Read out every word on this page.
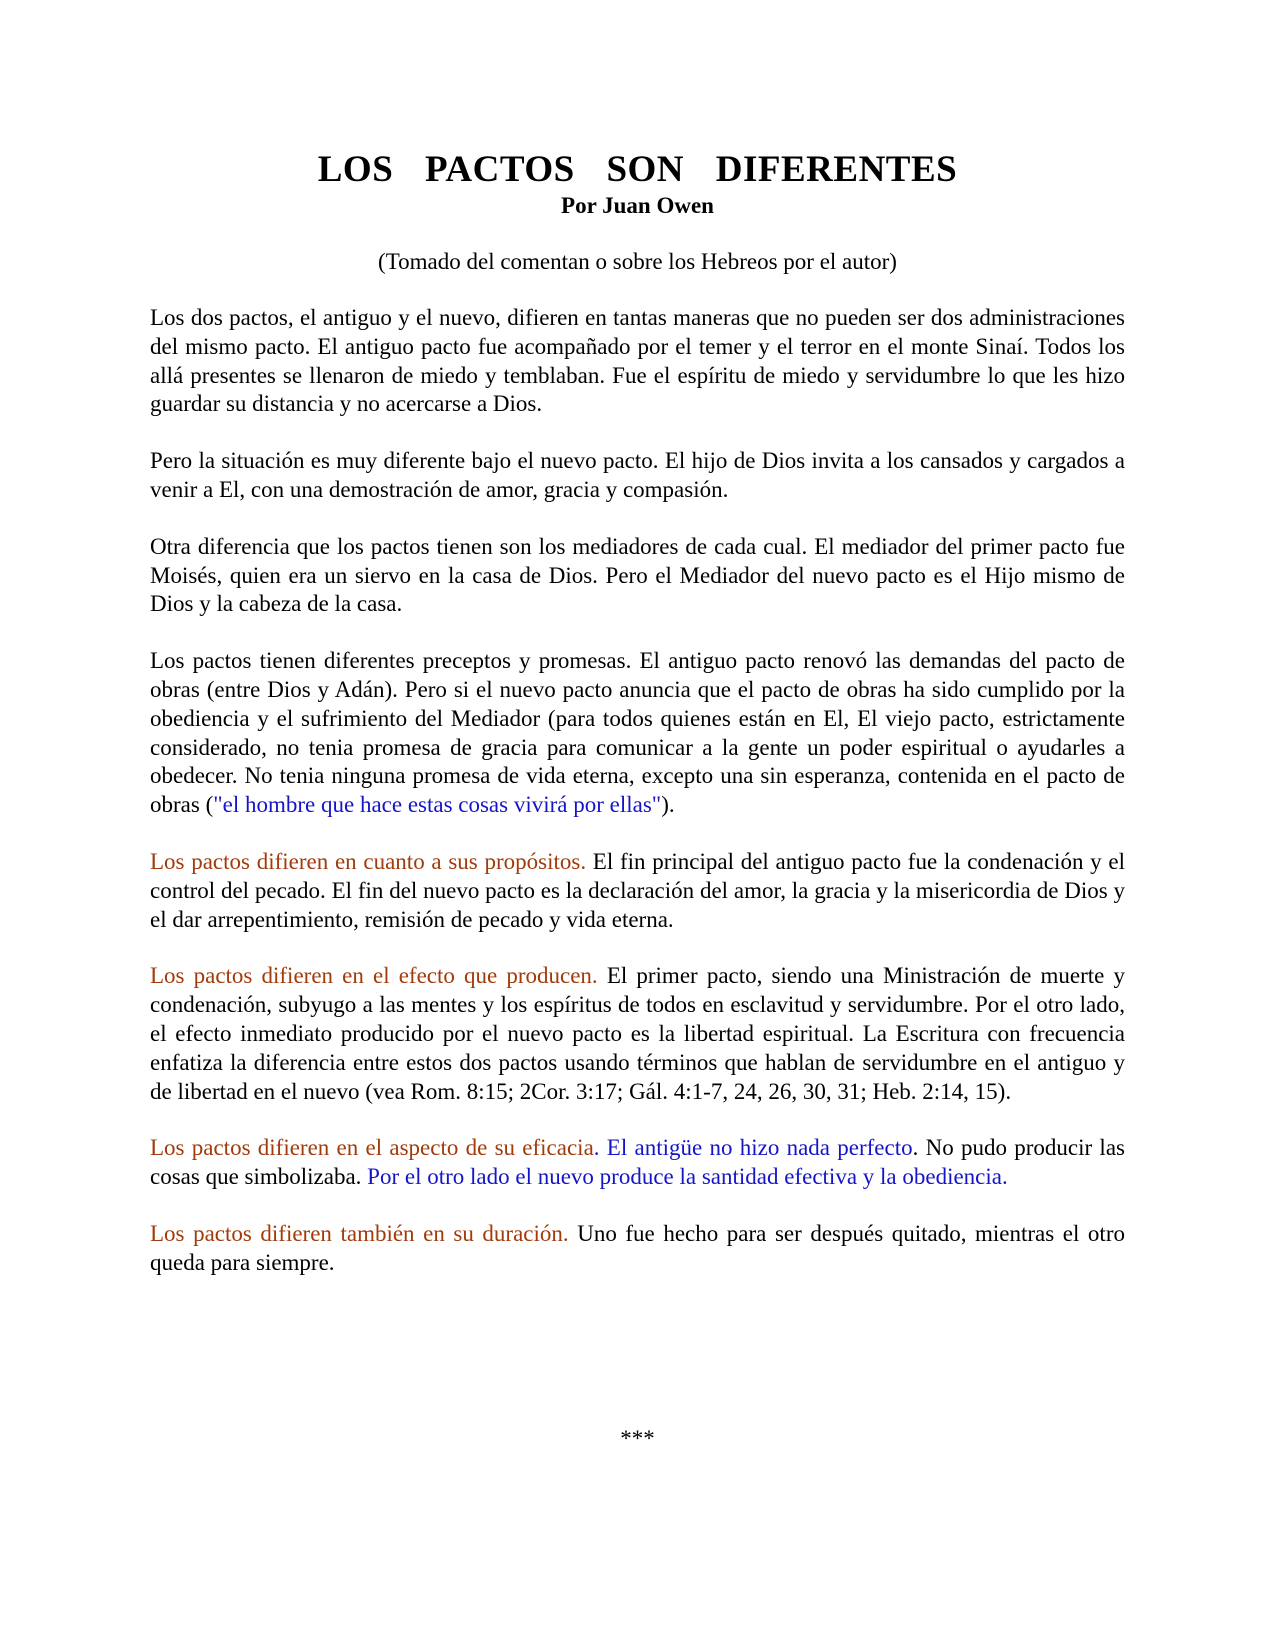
LOS PACTOS SON DIFERENTES
Por Juan Owen
(Tomado del comentan o sobre los Hebreos por el autor)

Los dos pactos, el antiguo y el nuevo, difieren en tantas maneras que no pueden ser dos administraciones del mismo pacto. El antiguo pacto fue acompañado por el temer y el terror en el monte Sinaí. Todos los allá presentes se llenaron de miedo y temblaban. Fue el espíritu de miedo y servidumbre lo que les hizo guardar su distancia y no acercarse a Dios.

Pero la situación es muy diferente bajo el nuevo pacto. El hijo de Dios invita a los cansados y cargados a venir a El, con una demostración de amor, gracia y compasión.

Otra diferencia que los pactos tienen son los mediadores de cada cual. El mediador del primer pacto fue Moisés, quien era un siervo en la casa de Dios. Pero el Mediador del nuevo pacto es el Hijo mismo de Dios y la cabeza de la casa.

Los pactos tienen diferentes preceptos y promesas. El antiguo pacto renovó las demandas del pacto de obras (entre Dios y Adán). Pero si el nuevo pacto anuncia que el pacto de obras ha sido cumplido por la obediencia y el sufrimiento del Mediador (para todos quienes están en El, El viejo pacto, estrictamente considerado, no tenia promesa de gracia para comunicar a la gente un poder espiritual o ayudarles a obedecer. No tenia ninguna promesa de vida eterna, excepto una sin esperanza, contenida en el pacto de obras ("el hombre que hace estas cosas vivirá por ellas").

Los pactos difieren en cuanto a sus propósitos. El fin principal del antiguo pacto fue la condenación y el control del pecado. El fin del nuevo pacto es la declaración del amor, la gracia y la misericordia de Dios y el dar arrepentimiento, remisión de pecado y vida eterna.

Los pactos difieren en el efecto que producen. El primer pacto, siendo una Ministración de muerte y condenación, subyugo a las mentes y los espíritus de todos en esclavitud y servidumbre. Por el otro lado, el efecto inmediato producido por el nuevo pacto es la libertad espiritual. La Escritura con frecuencia enfatiza la diferencia entre estos dos pactos usando términos que hablan de servidumbre en el antiguo y de libertad en el nuevo (vea Rom. 8:15; 2Cor. 3:17; Gál. 4:1-7, 24, 26, 30, 31; Heb. 2:14, 15).

Los pactos difieren en el aspecto de su eficacia. El antigüe no hizo nada perfecto. No pudo producir las cosas que simbolizaba. Por el otro lado el nuevo produce la santidad efectiva y la obediencia.

Los pactos difieren también en su duración. Uno fue hecho para ser después quitado, mientras el otro queda para siempre.

***
